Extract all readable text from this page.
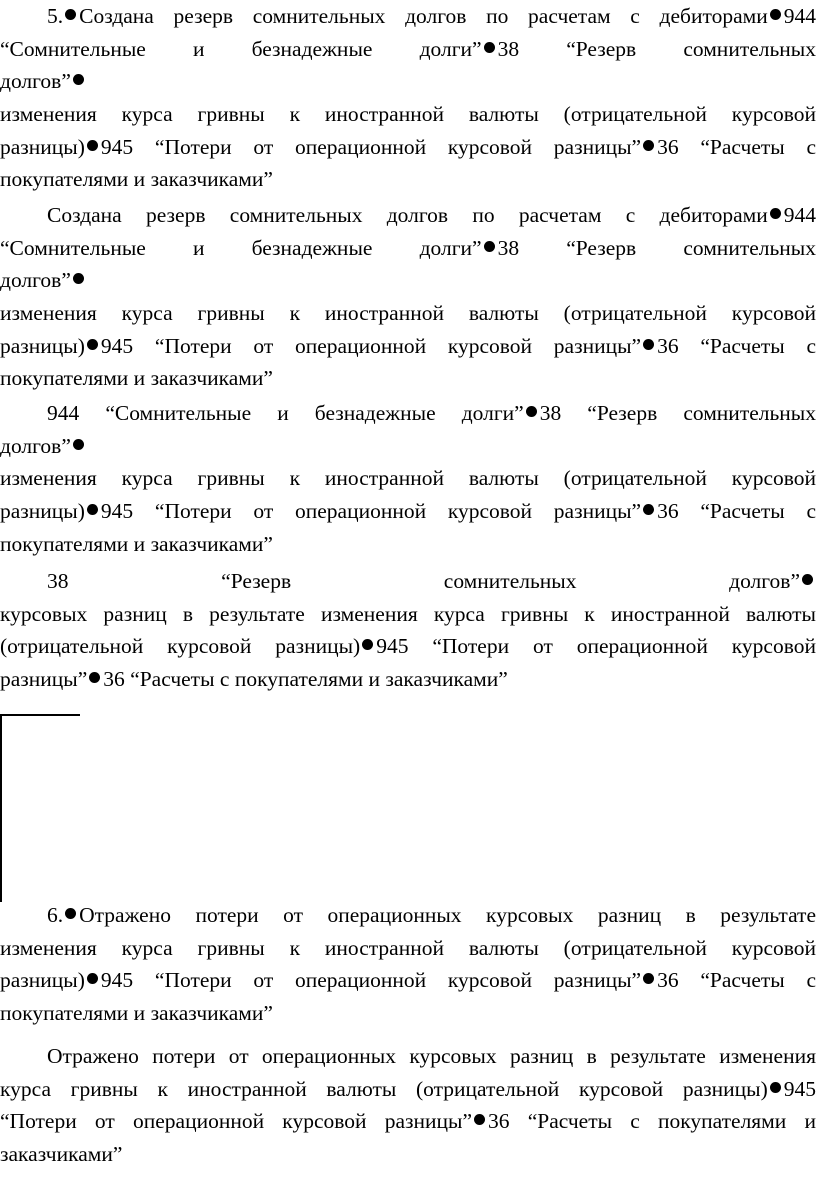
5. Создана резерв сомнительных долгов по расчетам с дебиторами 944
“Сомнительные и безнадежные долги” 38 “Резерв сомнительных
долгов”
изменения курса гривны к иностранной валюты (отрицательной курсовой
разницы) 945 “Потери от операционной курсовой разницы” 36 “Расчеты с
покупателями и заказчиками”
Создана резерв сомнительных долгов по расчетам с дебиторами 944
“Сомнительные и безнадежные долги” 38 “Резерв сомнительных
долгов”
изменения курса гривны к иностранной валюты (отрицательной курсовой
разницы) 945 “Потери от операционной курсовой разницы” 36 “Расчеты с
покупателями и заказчиками”
944 “Сомнительные и безнадежные долги” 38 “Резерв сомнительных
долгов”
изменения курса гривны к иностранной валюты (отрицательной курсовой
разницы) 945 “Потери от операционной курсовой разницы” 36 “Расчеты с
покупателями и заказчиками”
38 “Резерв сомнительных долгов”
курсовых разниц в результате изменения курса гривны к иностранной валюты
(отрицательной курсовой разницы) 945 “Потери от операционной курсовой
разницы” 36 “Расчеты с покупателями и заказчиками”
6. Отражено потери от операционных курсовых разниц в результате
изменения курса гривны к иностранной валюты (отрицательной курсовой
разницы) 945 “Потери от операционной курсовой разницы” 36 “Расчеты с
покупателями и заказчиками”
Отражено потери от операционных курсовых разниц в результате изменения
курса гривны к иностранной валюты (отрицательной курсовой разницы) 945
“Потери от операционной курсовой разницы” 36 “Расчеты с покупателями и
заказчиками”
